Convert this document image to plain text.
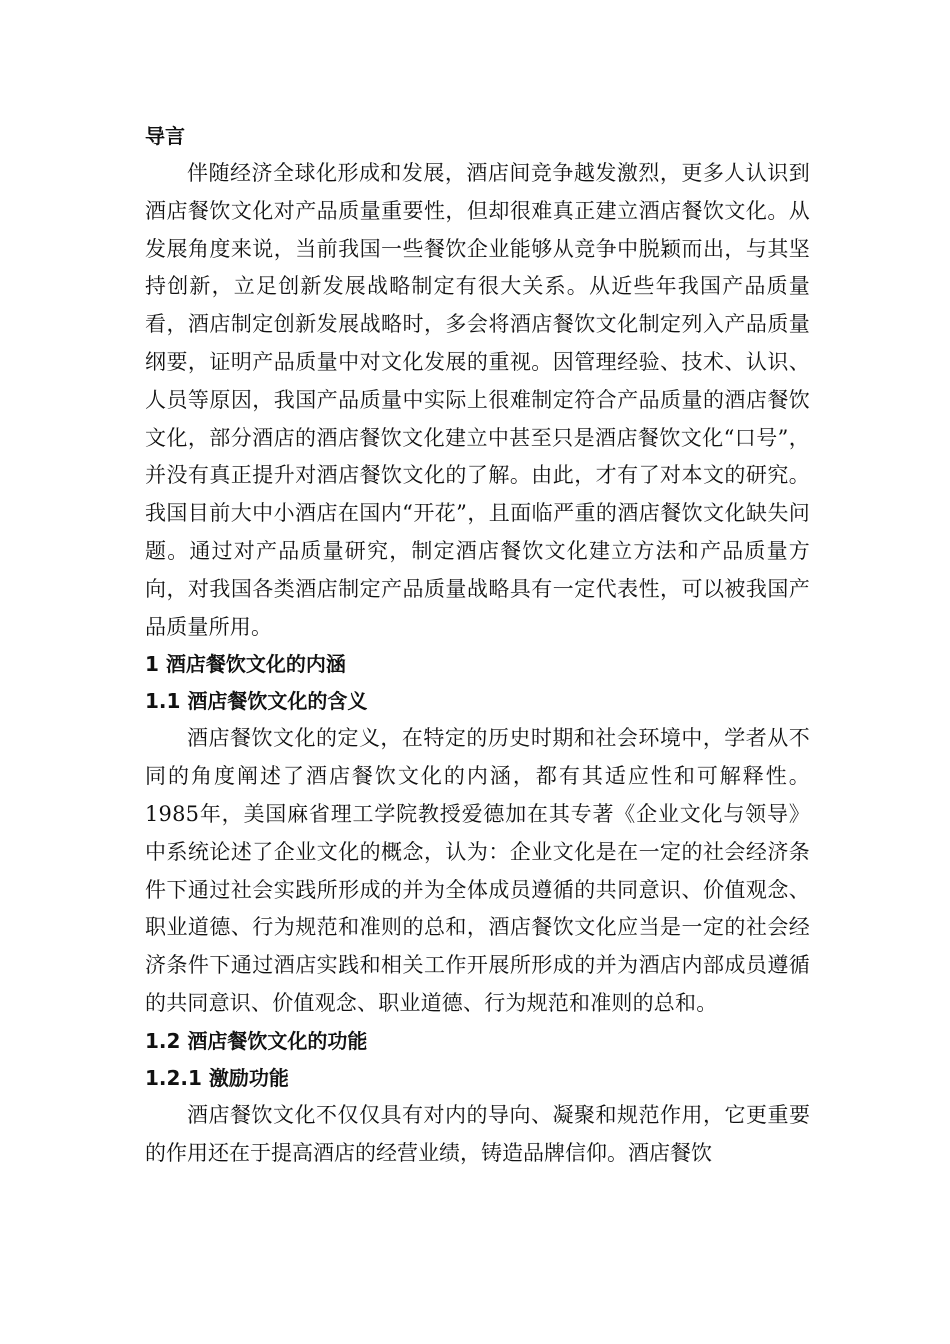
导言

伴随经济全球化形成和发展，酒店间竞争越发激烈，更多人认识到酒店餐饮文化对产品质量重要性，但却很难真正建立酒店餐饮文化。从发展角度来说，当前我国一些餐饮企业能够从竞争中脱颖而出，与其坚持创新，立足创新发展战略制定有很大关系。从近些年我国产品质量看，酒店制定创新发展战略时，多会将酒店餐饮文化制定列入产品质量纲要，证明产品质量中对文化发展的重视。因管理经验、技术、认识、人员等原因，我国产品质量中实际上很难制定符合产品质量的酒店餐饮文化，部分酒店的酒店餐饮文化建立中甚至只是酒店餐饮文化“口号”，并没有真正提升对酒店餐饮文化的了解。由此，才有了对本文的研究。我国目前大中小酒店在国内“开花”，且面临严重的酒店餐饮文化缺失问题。通过对产品质量研究，制定酒店餐饮文化建立方法和产品质量方向，对我国各类酒店制定产品质量战略具有一定代表性，可以被我国产品质量所用。

1 酒店餐饮文化的内涵
1.1 酒店餐饮文化的含义

酒店餐饮文化的定义，在特定的历史时期和社会环境中，学者从不同的角度阐述了酒店餐饮文化的内涵，都有其适应性和可解释性。1985年，美国麻省理工学院教授爱德加在其专著《企业文化与领导》中系统论述了企业文化的概念，认为：企业文化是在一定的社会经济条件下通过社会实践所形成的并为全体成员遵循的共同意识、价值观念、职业道德、行为规范和准则的总和，酒店餐饮文化应当是一定的社会经济条件下通过酒店实践和相关工作开展所形成的并为酒店内部成员遵循的共同意识、价值观念、职业道德、行为规范和准则的总和。

1.2 酒店餐饮文化的功能
1.2.1 激励功能

酒店餐饮文化不仅仅具有对内的导向、凝聚和规范作用，它更重要的作用还在于提高酒店的经营业绩，铸造品牌信仰。酒店餐饮
